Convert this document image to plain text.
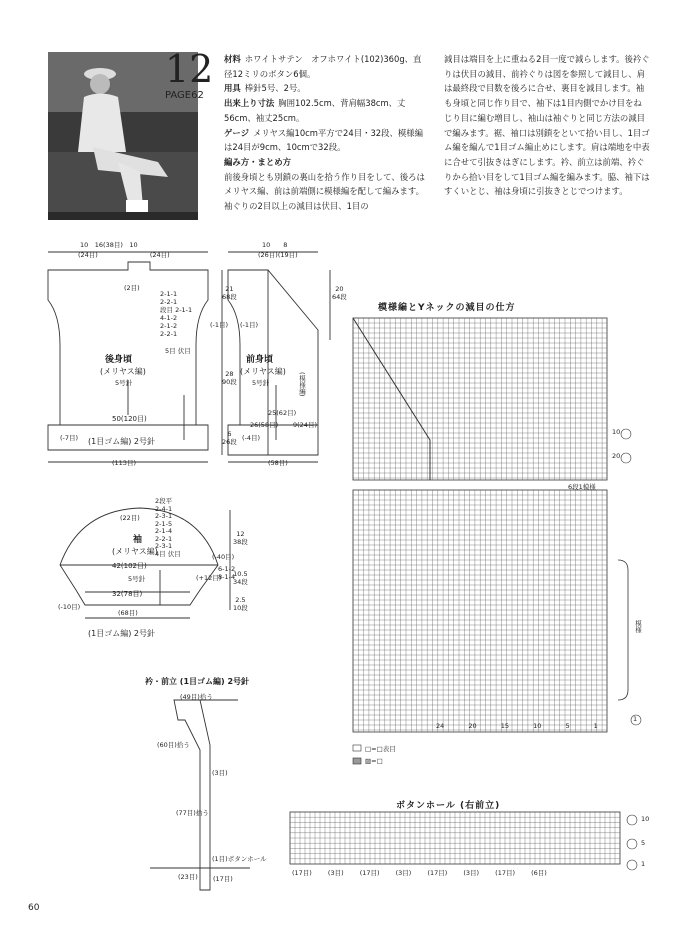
12
PAGE62

材料 ホワイトサテン　オフホワイト(102)360g、直径12ミリのボタン6個。

用具 棒針5号、2号。

出来上り寸法 胸囲102.5cm、背肩幅38cm、丈56cm、袖丈25cm。

ゲージ メリヤス編10cm平方で24目・32段、模様編は24目が9cm、10cmで32段。

編み方・まとめ方

前後身頃とも別鎖の裏山を拾う作り目をして、後ろはメリヤス編、前は前端側に模様編を配して編みます。袖ぐりの2目以上の減目は伏目、1目の

減目は端目を上に重ねる2目一度で減らします。後衿ぐりは伏目の減目、前衿ぐりは図を参照して減目し、肩は最終段で目数を後ろに合せ、裏目を減目します。袖も身頃と同じ作り目で、袖下は1目内側でかけ目をねじり目に編む増目し、袖山は袖ぐりと同じ方法の減目で編みます。裾、袖口は別鎖をといて拾い目し、1目ゴム編を編んで1目ゴム編止めにします。肩は端地を中表に合せて引抜きはぎにします。衿、前立は前端、衿ぐりから拾い目をして1目ゴム編を編みます。脇、袖下はすくいとじ、袖は身頃に引抜きとじでつけます。

10　 16(38目)　 10
(24目)　　　　　　　　	(24目)
(2目)
2-1-1
2-2-1
段目 2-1-1
4-1-2
2-1-2
2-2-1
5目 伏目
(-1目)
(-7目)
後身頃
(メリヤス編)
5号針
50(120目)
(1目ゴム編) 2号針
(113目)
21
68段
28
90段
6
26段
10　　 8
(26目)(19目)
前身頃
(メリヤス編)
5号針	(模様編)
25(62目)
26(58目) 9(24目)
(58目)
(-1目)
(-4目)
20
64段
(22目)
袖
(メリヤス編)
42(102目)
5号針
32(78目)
(68目)
(1目ゴム編) 2号針
2段平
2-4-1
2-3-1
2-1-5
2-1-4
2-2-1
2-3-1
4目 伏目	(-40目)
(+12目)
6-1-2
8-1-4
(-10目)
12
38段
10.5
34段
2.5
10段
衿・前立 (1目ゴム編) 2号針
(49目)拾う
(60目)拾う
(77目)拾う
(3目)
(1目)ボタンホール
(23目) (17目)
模様編とYネックの減目の仕方
10
20
6段1模様
模様
1
□=□表目
▨=□
24	20	15	10	5	1
ボタンホール (右前立)
(17目) (3目) (17目) (3目) (17目) (3目) (17目) (6目)
10
5
1
60
